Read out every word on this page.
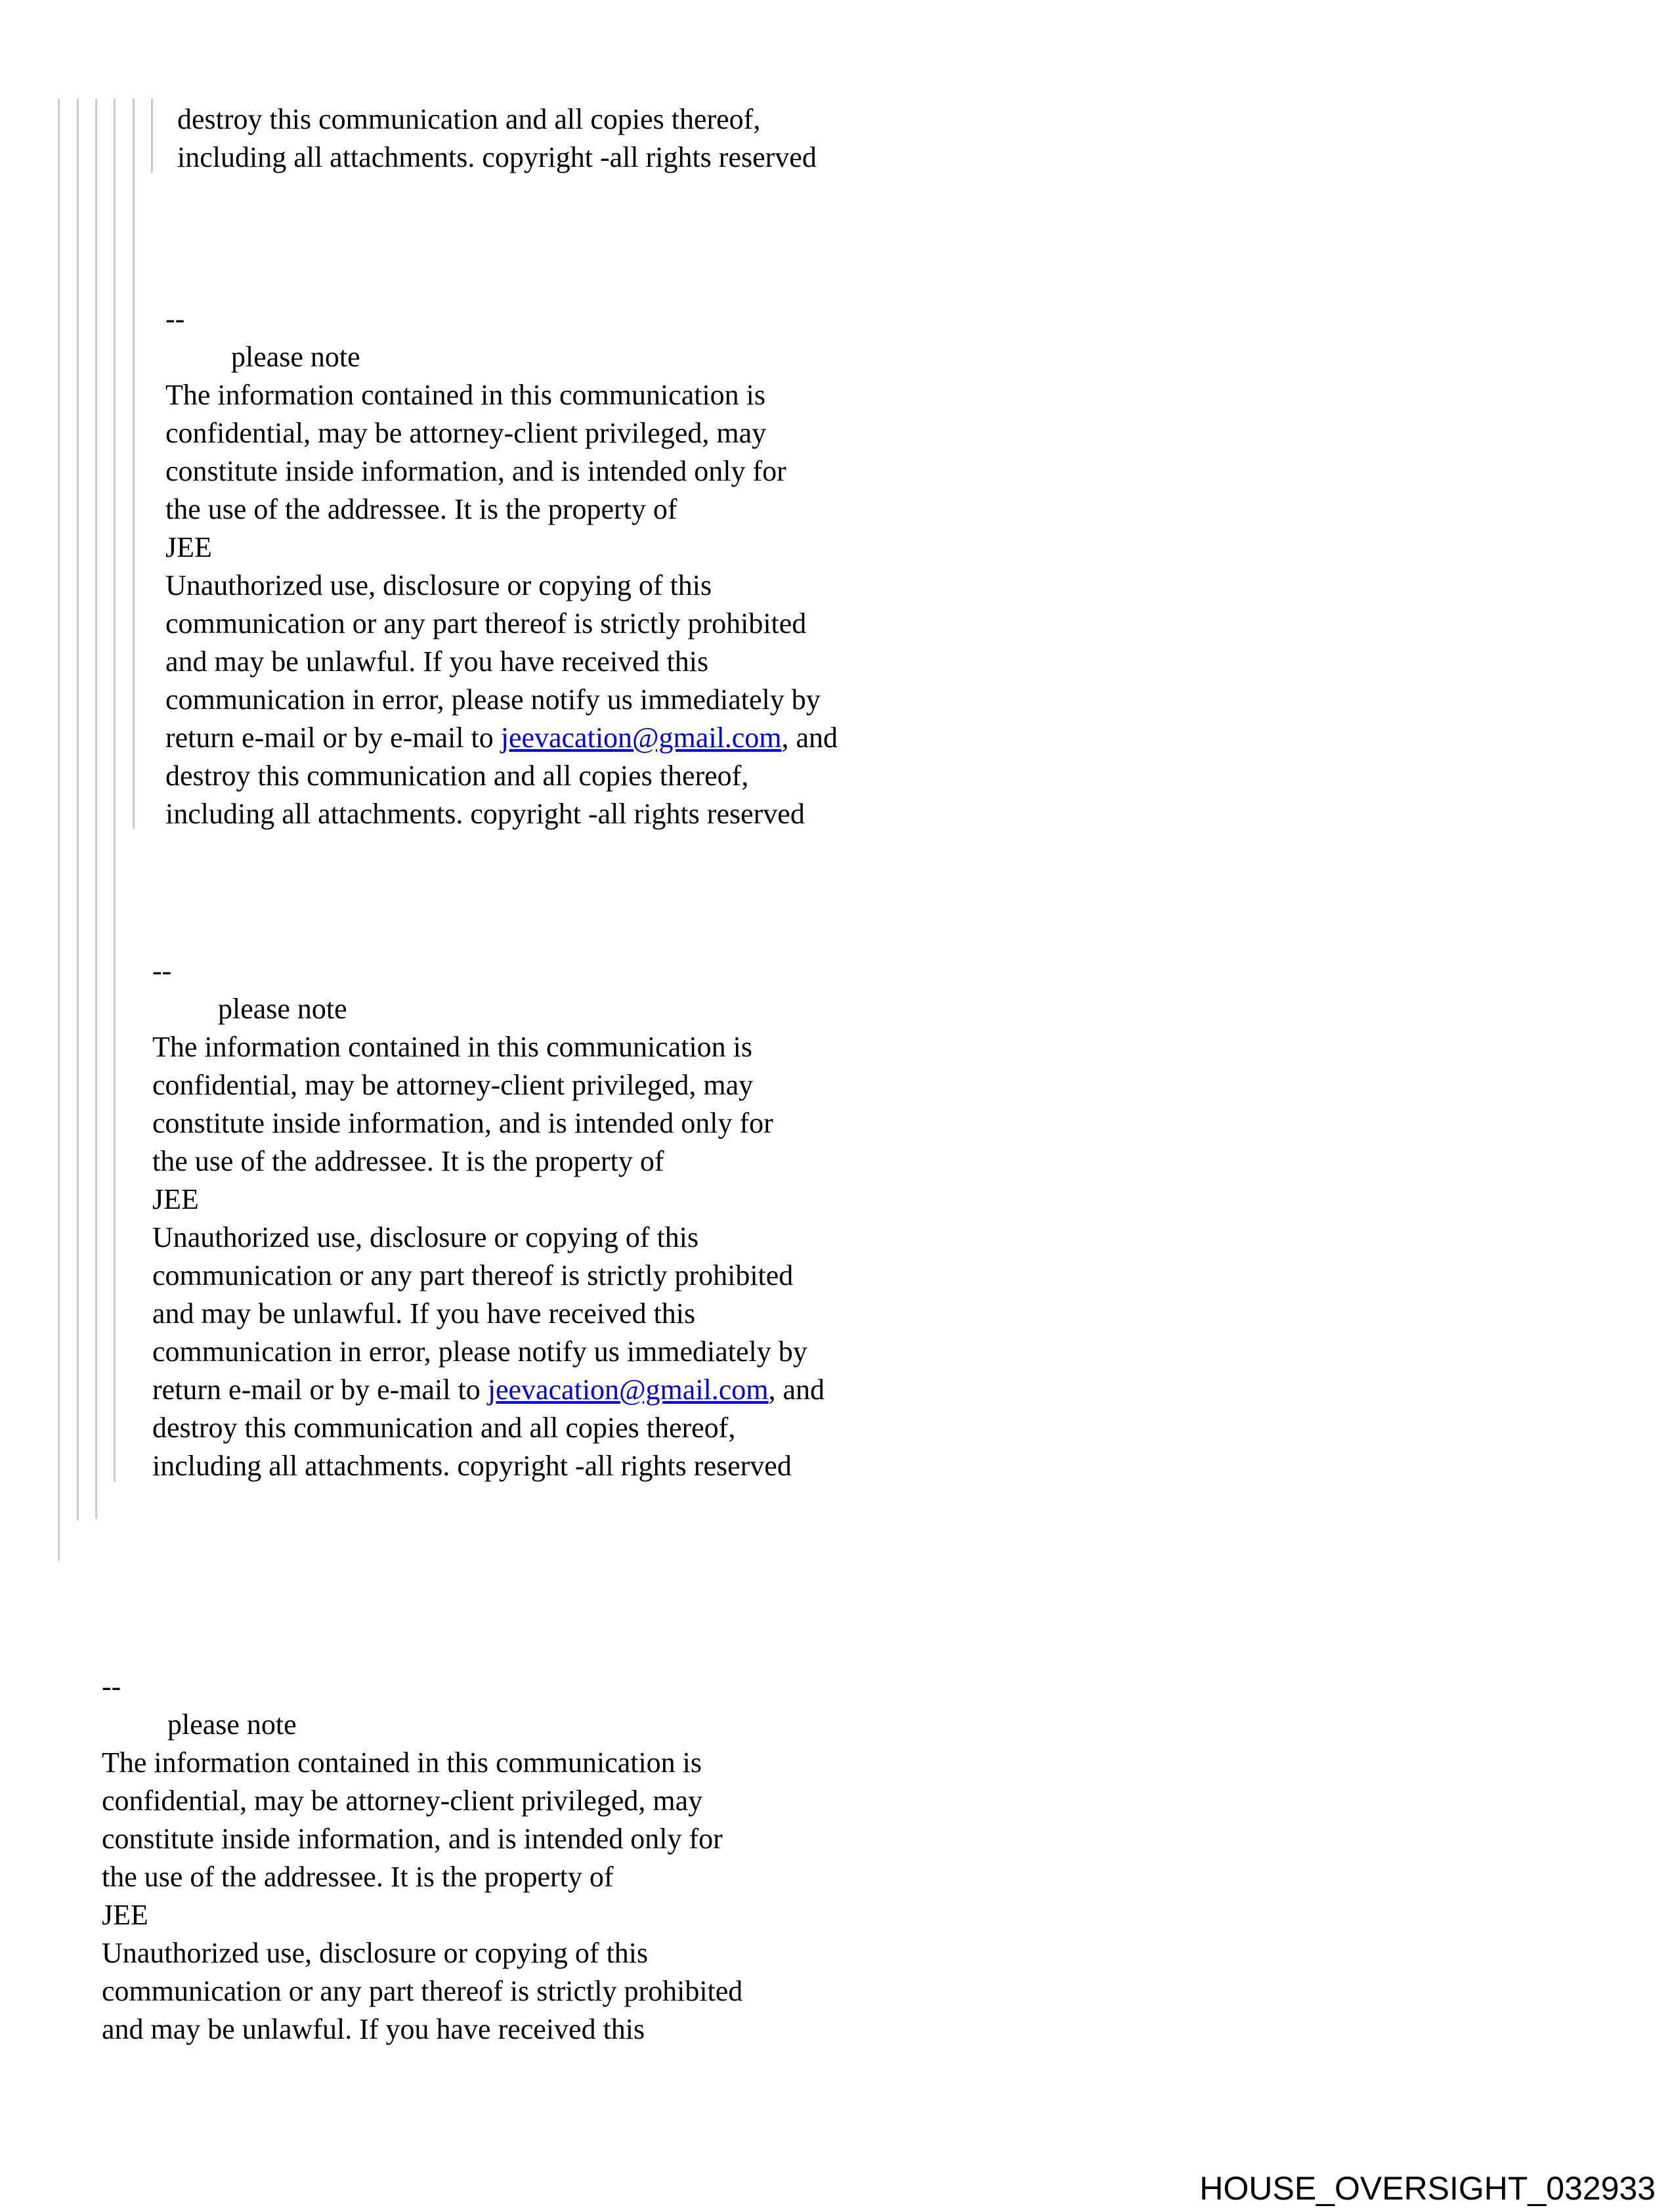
destroy this communication and all copies thereof,
including all attachments. copyright -all rights reserved
--
please note
The information contained in this communication is
confidential, may be attorney-client privileged, may
constitute inside information, and is intended only for
the use of the addressee. It is the property of
JEE
Unauthorized use, disclosure or copying of this
communication or any part thereof is strictly prohibited
and may be unlawful. If you have received this
communication in error, please notify us immediately by
return e-mail or by e-mail to jeevacation@gmail.com, and
destroy this communication and all copies thereof,
including all attachments. copyright -all rights reserved
--
please note
The information contained in this communication is
confidential, may be attorney-client privileged, may
constitute inside information, and is intended only for
the use of the addressee. It is the property of
JEE
Unauthorized use, disclosure or copying of this
communication or any part thereof is strictly prohibited
and may be unlawful. If you have received this
communication in error, please notify us immediately by
return e-mail or by e-mail to jeevacation@gmail.com, and
destroy this communication and all copies thereof,
including all attachments. copyright -all rights reserved
--
please note
The information contained in this communication is
confidential, may be attorney-client privileged, may
constitute inside information, and is intended only for
the use of the addressee. It is the property of
JEE
Unauthorized use, disclosure or copying of this
communication or any part thereof is strictly prohibited
and may be unlawful. If you have received this
HOUSE_OVERSIGHT_032933
